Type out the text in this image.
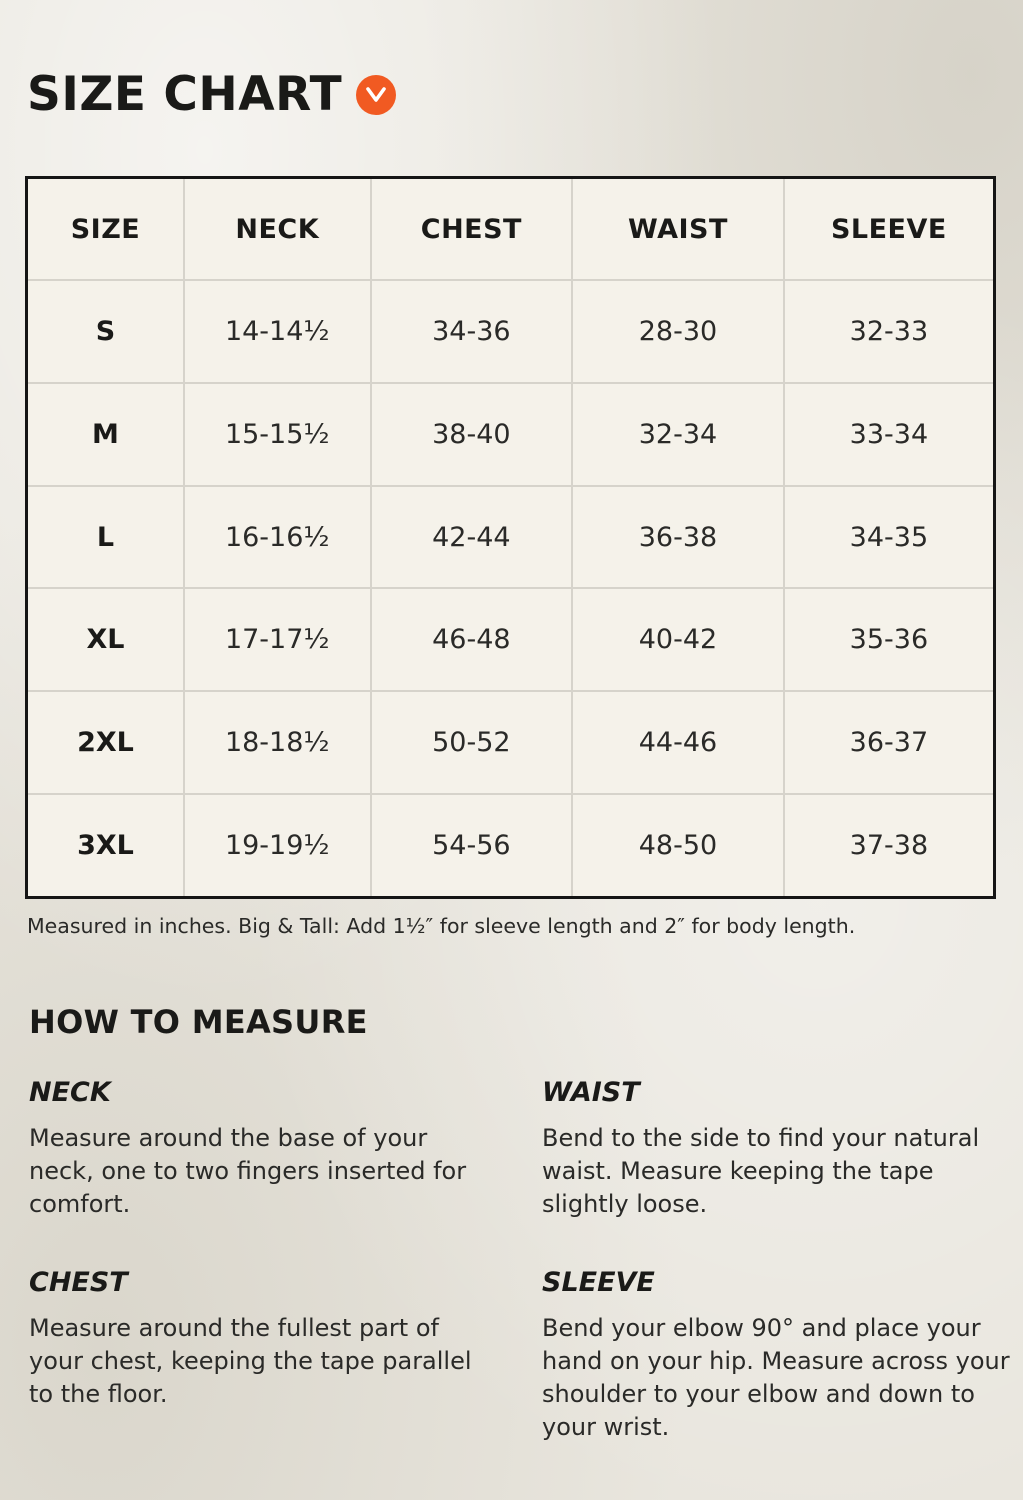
SIZE CHART
SIZE	NECK	CHEST	WAIST	SLEEVE
S	14-14½	34-36	28-30	32-33
M	15-15½	38-40	32-34	33-34
L	16-16½	42-44	36-38	34-35
XL	17-17½	46-48	40-42	35-36
2XL	18-18½	50-52	44-46	36-37
3XL	19-19½	54-56	48-50	37-38
Measured in inches. Big & Tall: Add 1½″ for sleeve length and 2″ for body length.
HOW TO MEASURE

NECK

Measure around the base of your neck, one to two fingers inserted for comfort.

WAIST

Bend to the side to find your natural waist. Measure keeping the tape slightly loose.

CHEST

Measure around the fullest part of your chest, keeping the tape parallel to the floor.

SLEEVE

Bend your elbow 90° and place your hand on your hip. Measure across your shoulder to your elbow and down to your wrist.
